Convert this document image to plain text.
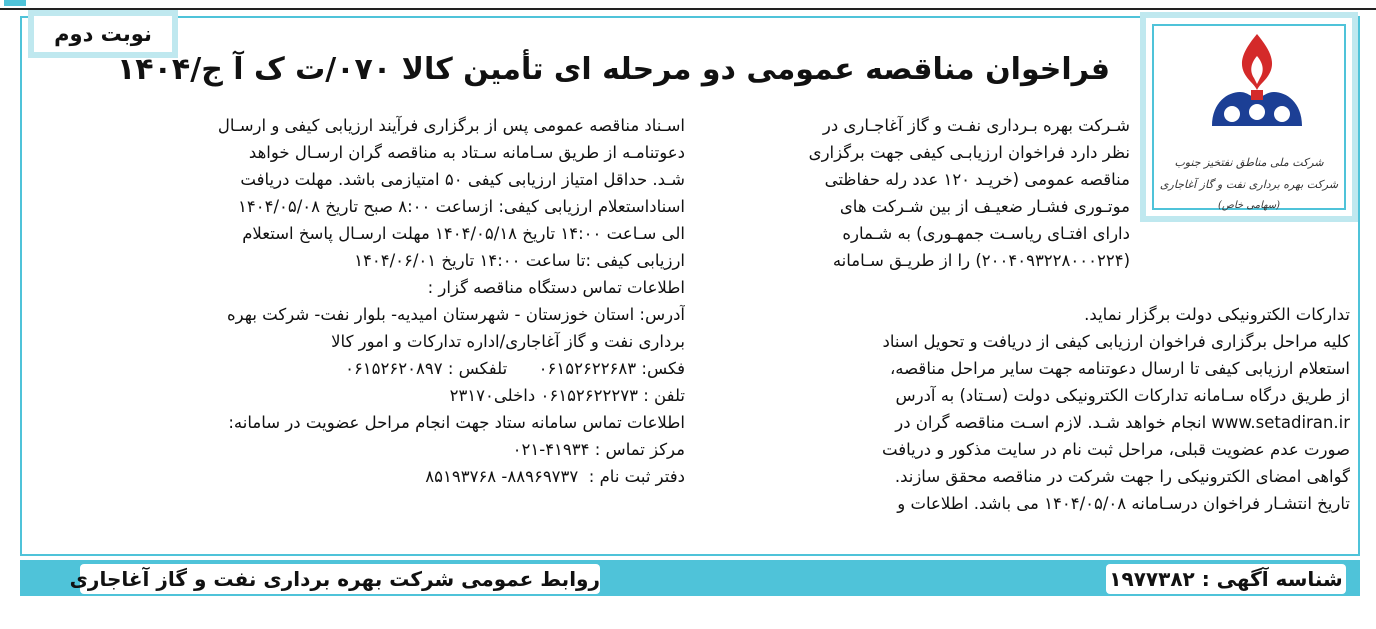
نوبت دوم
فراخوان مناقصه عمومی دو مرحله ای تأمین کالا ۰۷۰/ت ک آ ج/۱۴۰۴
شرکت ملی مناطق نفتخیز جنوب
شرکت بهره برداری نفت و گاز آغاجاری
(سهامی خاص)
شـرکت بهره بـرداری نفـت و گاز آغاجـاری در
نظر دارد فراخوان ارزیابـی کیفی جهت برگزاری
مناقصه عمومی (خریـد ۱۲۰ عدد رله حفاظتی
موتـوری فشـار ضعیـف از بین شـرکت های
دارای افتـای ریاسـت جمهـوری) به شـماره
(۲۰۰۴۰۹۳۲۲۸۰۰۰۲۲۴) را از طریـق سـامانه
تدارکات الکترونیکی دولت برگزار نماید.
کلیه مراحل برگزاری فراخوان ارزیابی کیفی از دریافت و تحویل اسناد
استعلام ارزیابی کیفی تا ارسال دعوتنامه جهت سایر مراحل مناقصه،
از طریق درگاه سـامانه تدارکات الکترونیکی دولت (سـتاد) به آدرس
www.setadiran.ir انجام خواهد شـد. لازم اسـت مناقصه گران در
صورت عدم عضویت قبلی، مراحل ثبت نام در سایت مذکور و دریافت
گواهی امضای الکترونیکی را جهت شرکت در مناقصه محقق سازند.
تاریخ انتشـار فراخوان درسـامانه ۱۴۰۴/۰۵/۰۸ می باشد. اطلاعات و
اسـناد مناقصه عمومی پس از برگزاری فرآیند ارزیابی کیفی و ارسـال
دعوتنامـه از طریق سـامانه سـتاد به مناقصه گران ارسـال خواهد
شـد. حداقل امتیاز ارزیابی کیفی ۵۰ امتیازمی باشد. مهلت دریافت
اسناداستعلام ارزیابی کیفی: ازساعت ۸:۰۰ صبح تاریخ ۱۴۰۴/۰۵/۰۸
الی سـاعت ۱۴:۰۰ تاریخ ۱۴۰۴/۰۵/۱۸ مهلت ارسـال پاسخ استعلام
ارزیابی کیفی :تا ساعت ۱۴:۰۰ تاریخ ۱۴۰۴/۰۶/۰۱
اطلاعات تماس دستگاه مناقصه گزار :
آدرس: استان خوزستان - شهرستان امیدیه- بلوار نفت- شرکت بهره
برداری نفت و گاز آغاجاری/اداره تدارکات و امور کالا
فکس: ۰۶۱۵۲۶۲۲۶۸۳      تلفکس : ۰۶۱۵۲۶۲۰۸۹۷
تلفن : ۰۶۱۵۲۶۲۲۲۷۳ داخلی۲۳۱۷۰
اطلاعات تماس سامانه ستاد جهت انجام مراحل عضویت در سامانه:
مرکز تماس : ۴۱۹۳۴-۰۲۱
دفتر ثبت نام :  ۸۸۹۶۹۷۳۷- ۸۵۱۹۳۷۶۸
شناسه آگهی : ۱۹۷۷۳۸۲
روابط عمومی شرکت بهره برداری نفت و گاز آغاجاری
